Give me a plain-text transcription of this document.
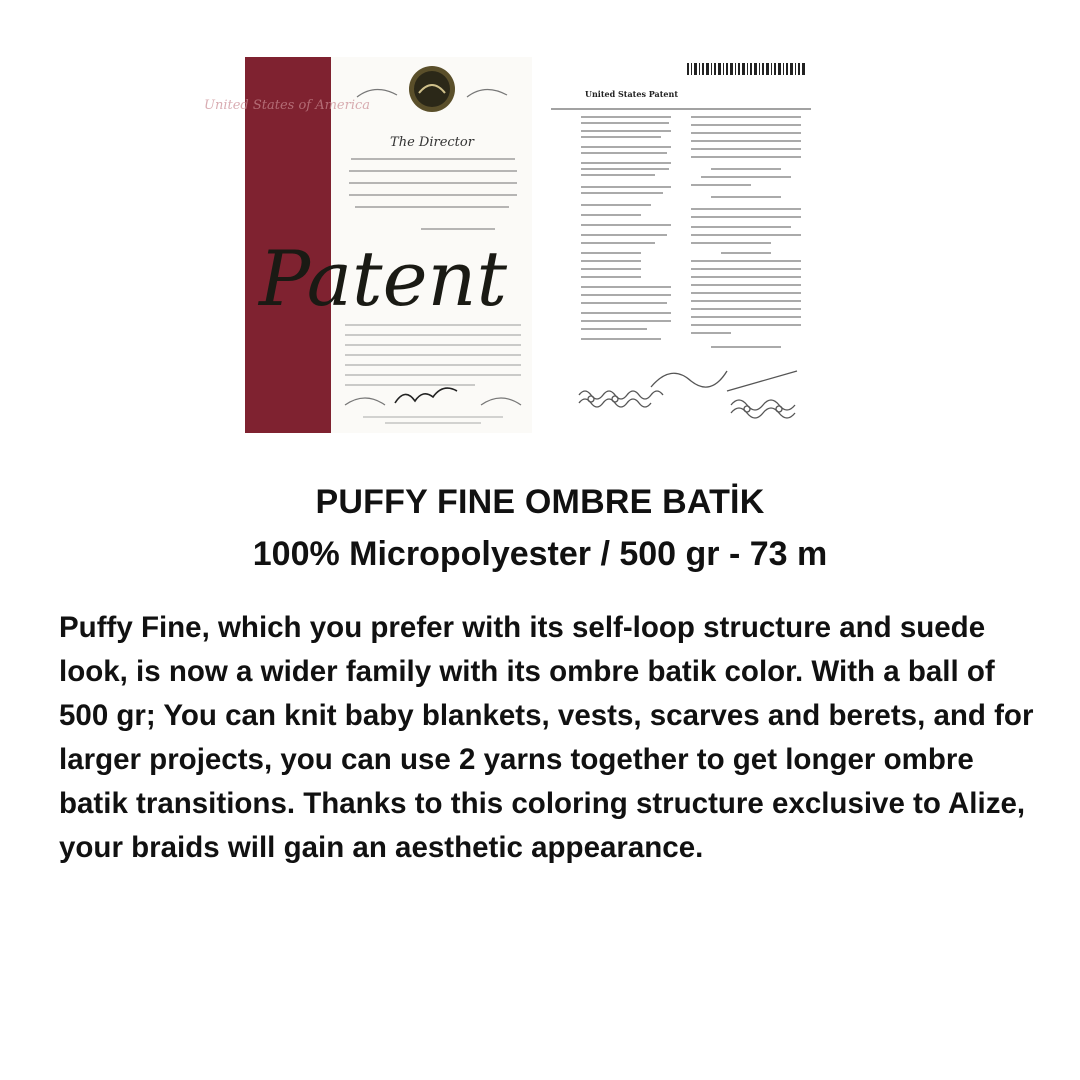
United States of America
The Director
Patent
United States Patent
PUFFY FINE OMBRE BATİK
100% Micropolyester / 500 gr - 73 m

Puffy Fine, which you prefer with its self-loop structure and suede look, is now a wider family with its ombre batik color. With a ball of 500 gr; You can knit baby blankets, vests, scarves and berets, and for larger projects, you can use 2 yarns together to get longer ombre batik transitions. Thanks to this coloring structure exclusive to Alize, your braids will gain an aesthetic appearance.
